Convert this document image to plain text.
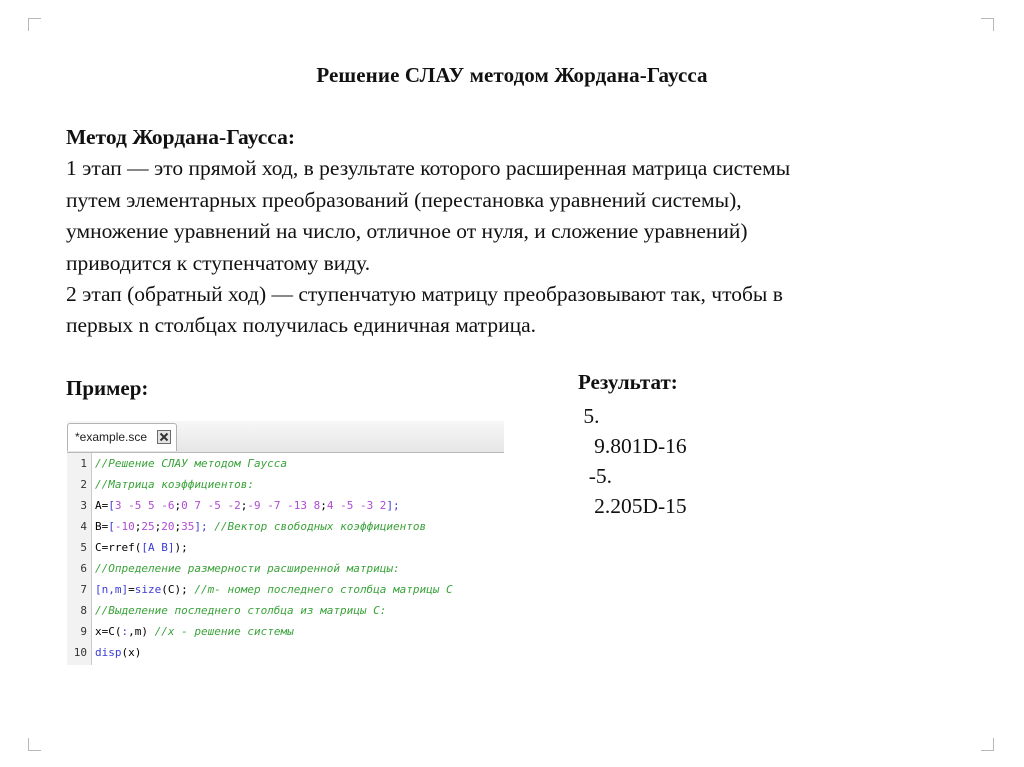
Решение СЛАУ методом Жордана-Гаусса
Метод Жордана-Гаусса:
1 этап — это прямой ход, в результате которого расширенная матрица системы
путем элементарных преобразований (перестановка уравнений системы),
умножение уравнений на число, отличное от нуля, и сложение уравнений)
приводится к ступенчатому виду.
2 этап (обратный ход) — ступенчатую матрицу преобразовывают так, чтобы в
первых n столбцах получилась единичная матрица.
Пример:	Результат:
5.
9.801D-16
-5.
2.205D-15
*example.sce
1
2
3
4
5
6
7
8
9
10
//Решение СЛАУ методом Гаусса
//Матрица коэффициентов:
A=[3 -5 5 -6;0 7 -5 -2;-9 -7 -13 8;4 -5 -3 2];
B=[-10;25;20;35]; //Вектор свободных коэффициентов
C=rref([A B]);
//Определение размерности расширенной матрицы:
[n,m]=size(C); //m- номер последнего столбца матрицы C
//Выделение последнего столбца из матрицы C:
x=C(:,m) //x - решение системы
disp(x)
